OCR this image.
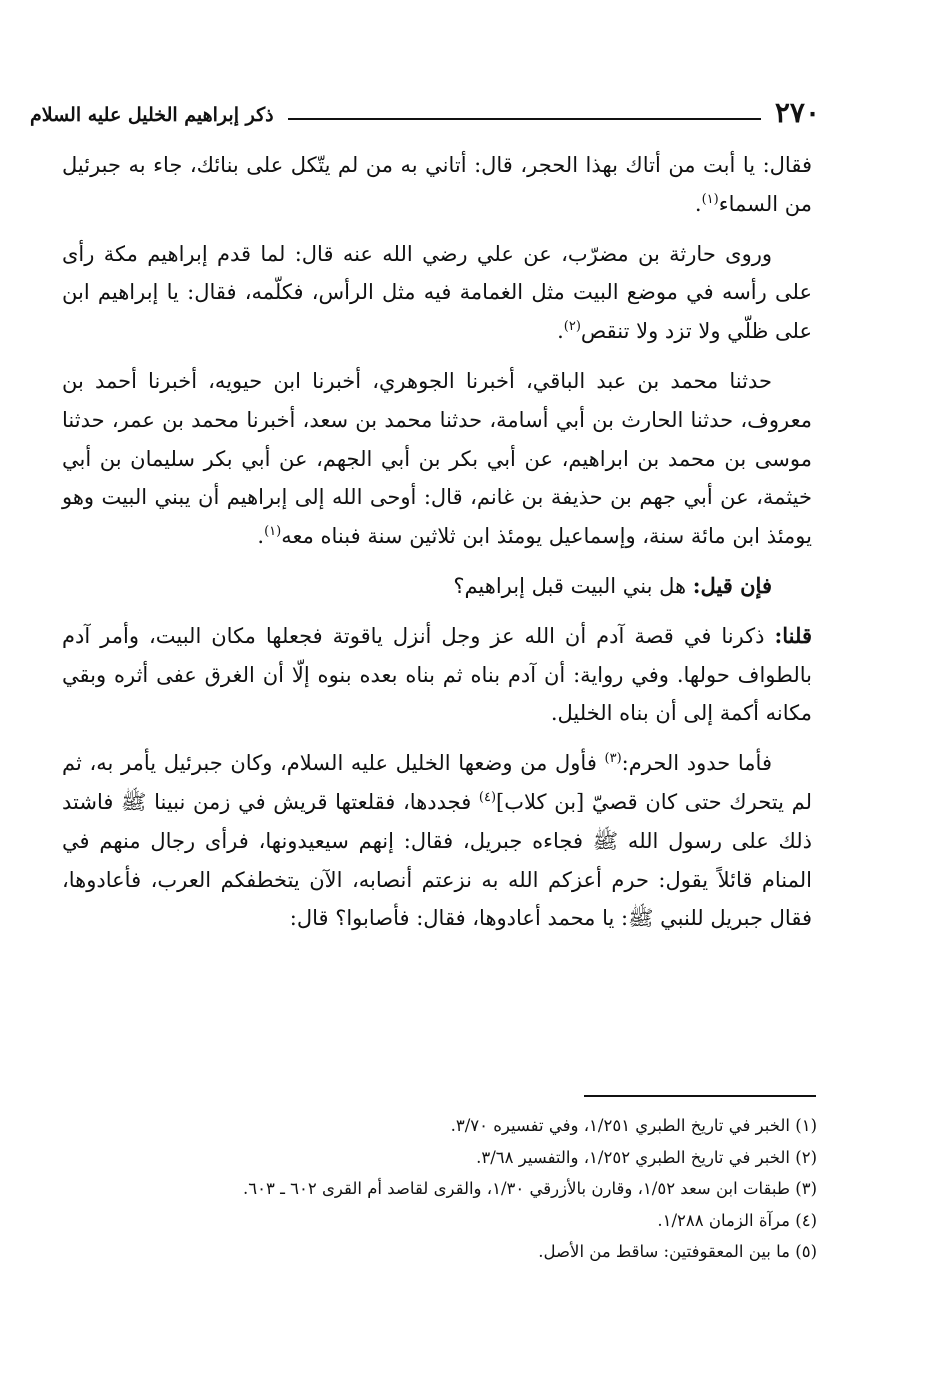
٢٧٠
ذكر إبراهيم الخليل عليه السلام

فقال: يا أبت من أتاك بهذا الحجر، قال: أتاني به من لم يتّكل على بنائك، جاء به جبرئيل من السماء$^{(١)}$.

وروى حارثة بن مضرّب، عن علي رضي الله عنه قال: لما قدم إبراهيم مكة رأى على رأسه في موضع البيت مثل الغمامة فيه مثل الرأس، فكلّمه، فقال: يا إبراهيم ابن على ظلّي ولا تزد ولا تنقص$^{(٢)}$.

حدثنا محمد بن عبد الباقي، أخبرنا الجوهري، أخبرنا ابن حيويه، أخبرنا أحمد بن معروف، حدثنا الحارث بن أبي أسامة، حدثنا محمد بن سعد، أخبرنا محمد بن عمر، حدثنا موسى بن محمد بن ابراهيم، عن أبي بكر بن أبي الجهم، عن أبي بكر سليمان بن أبي خيثمة، عن أبي جهم بن حذيفة بن غانم، قال: أوحى الله إلى إبراهيم أن يبني البيت وهو يومئذ ابن مائة سنة، وإسماعيل يومئذ ابن ثلاثين سنة فبناه معه$^{(١)}$.

فإن قيل: هل بني البيت قبل إبراهيم؟

قلنا: ذكرنا في قصة آدم أن الله عز وجل أنزل ياقوتة فجعلها مكان البيت، وأمر آدم بالطواف حولها. وفي رواية: أن آدم بناه ثم بناه بعده بنوه إلّا أن الغرق عفى أثره وبقي مكانه أكمة إلى أن بناه الخليل.

فأما حدود الحرم:$^{(٣)}$ فأول من وضعها الخليل عليه السلام، وكان جبرئيل يأمر به، ثم لم يتحرك حتى كان قصيّ [بن كلاب]$^{(٤)}$ فجددها، فقلعتها قريش في زمن نبينا ﷺ فاشتد ذلك على رسول الله ﷺ فجاءه جبريل، فقال: إنهم سيعيدونها، فرأى رجال منهم في المنام قائلاً يقول: حرم أعزكم الله به نزعتم أنصابه، الآن يتخطفكم العرب، فأعادوها، فقال جبريل للنبي ﷺ: يا محمد أعادوها، فقال: فأصابوا؟ قال:

(١) الخبر في تاريخ الطبري ١/٢٥١، وفي تفسيره ٣/٧٠.
(٢) الخبر في تاريخ الطبري ١/٢٥٢، والتفسير ٣/٦٨.
(٣) طبقات ابن سعد ١/٥٢، وقارن بالأزرقي ١/٣٠، والقرى لقاصد أم القرى ٦٠٢ ـ ٦٠٣.
(٤) مرآة الزمان ١/٢٨٨.
(٥) ما بين المعقوفتين: ساقط من الأصل.
